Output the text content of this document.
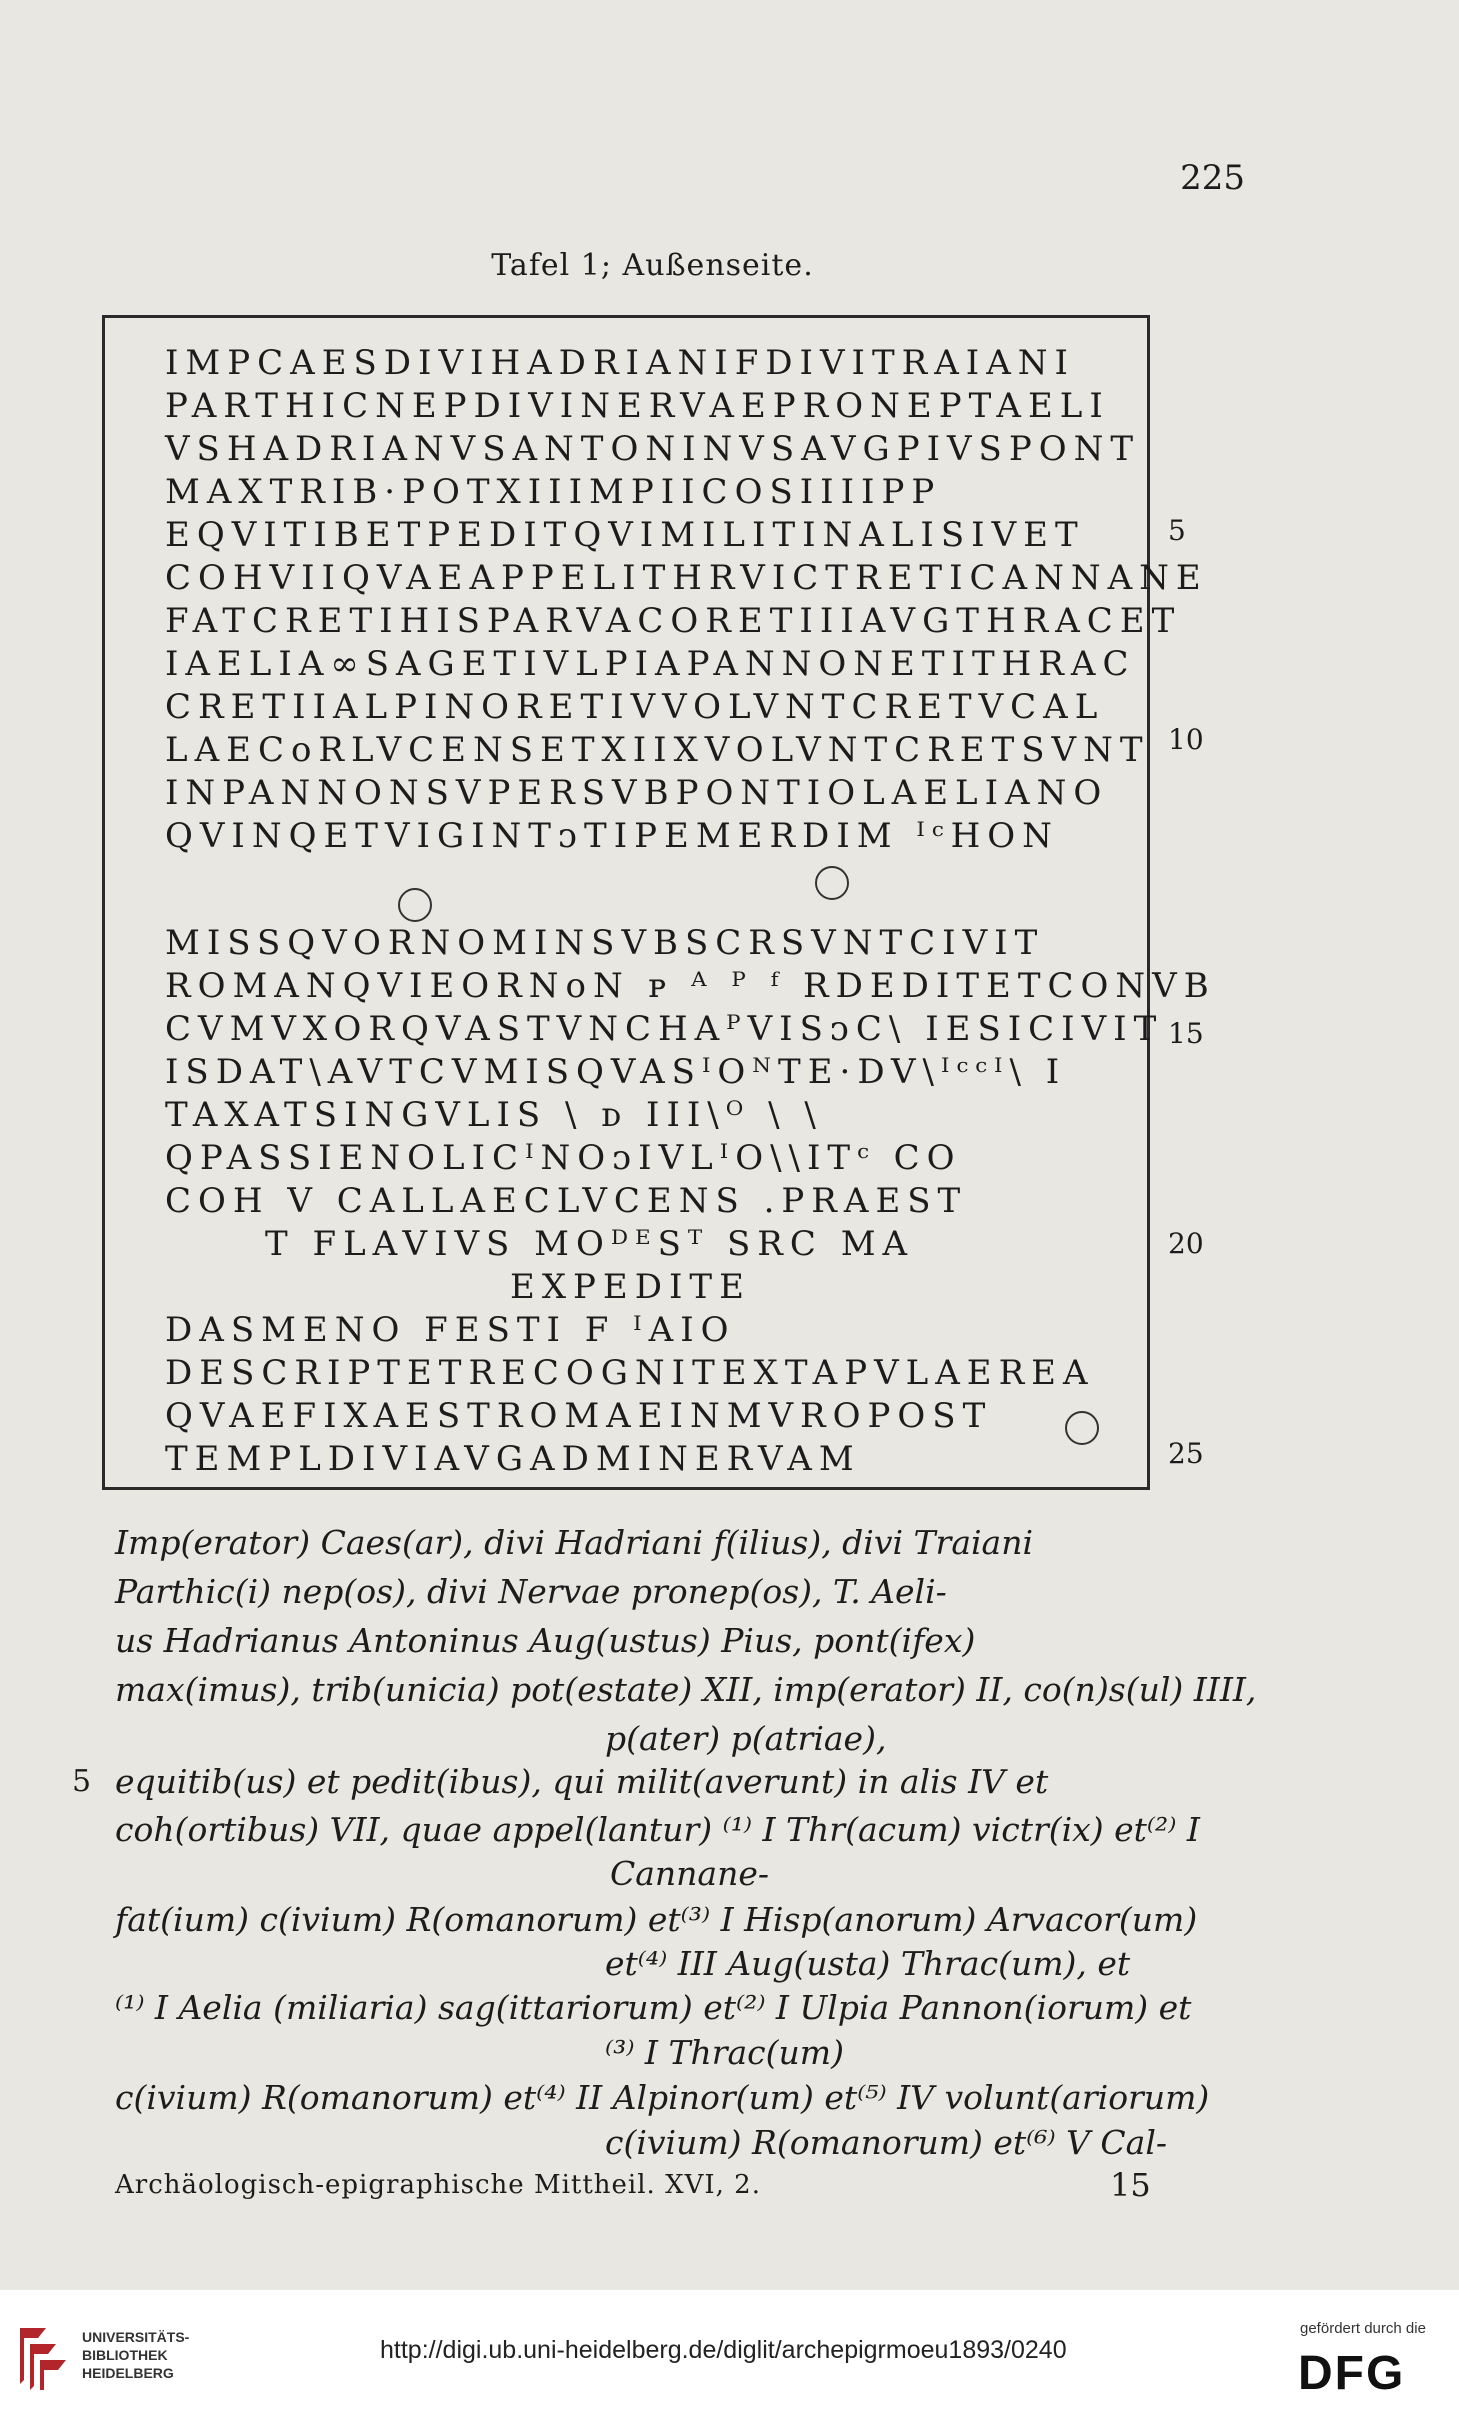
225
Tafel 1; Außenseite.
IMPCAESDIVIHADRIANIFDIVITRAIANI
PARTHICNEPDIVINERVAEPRONEPTAELI
VSHADRIANVSANTONINVSAVGPIVSPONT
MAXTRIB·POTXIIIMPIICOSIIIIPP
EQVITIBETPEDITQVIMILITINALISIVET
COHVIIQVAEAPPELITHRVICTRETICANNANE
FATCRETIHISPARVACORETIIIAVGTHRACET
IAELIA∞SAGETIVLPIAPANNONETITHRAC
CRETIIALPINORETIVVOLVNTCRETVCAL
LAECoRLVCENSETXIIXVOLVNTCRETSVNT
INPANNONSVPERSVBPONTIOLAELIANO
QVINQETVIGINTᴐTIPEMERDIM ᴵᶜHON
MISSQVORNOMINSVBSCRSVNTCIVIT
ROMANQVIEORNoN ᴘ ᴬ ᴾ ᶠ RDEDITETCONVB
CVMVXORQVASTVNCHAᴾVISᴐC\ IESICIVIT
ISDAT\AVTCVMISQVASᴵOᴺTE·DV\ᴵᶜᶜᴵ\ I
TAXATSINGVLIS \ ᴅ III\ᴼ \ \
QPASSIENOLICᴵNOᴐIVLᴵO\\ITᶜ CO
COH V CALLAECLVCENS .PRAEST
T FLAVIVS MOᴰᴱSᵀ SRC MA
EXPEDITE
DASMENO FESTI F ᴵAIO
DESCRIPTETRECOGNITEXTAPVLAEREA
QVAEFIXAESTROMAEINMVROPOST
TEMPLDIVIAVGADMINERVAM
5
10
15
20
25
Imp(erator) Caes(ar), divi Hadriani f(ilius), divi Traiani
Parthic(i) nep(os), divi Nervae pronep(os), T. Aeli-
us Hadrianus Antoninus Aug(ustus) Pius, pont(ifex)
max(imus), trib(unicia) pot(estate) XII, imp(erator) II, co(n)s(ul) IIII,
p(ater) p(atriae),
5 equitib(us) et pedit(ibus), qui milit(averunt) in alis IV et
coh(ortibus) VII, quae appel(lantur) ⁽¹⁾ I Thr(acum) victr(ix) et⁽²⁾ I
Cannane-
fat(ium) c(ivium) R(omanorum) et⁽³⁾ I Hisp(anorum) Arvacor(um)
et⁽⁴⁾ III Aug(usta) Thrac(um), et
⁽¹⁾ I Aelia (miliaria) sag(ittariorum) et⁽²⁾ I Ulpia Pannon(iorum) et
⁽³⁾ I Thrac(um)
c(ivium) R(omanorum) et⁽⁴⁾ II Alpinor(um) et⁽⁵⁾ IV volunt(ariorum)
c(ivium) R(omanorum) et⁽⁶⁾ V Cal-
Archäologisch-epigraphische Mittheil. XVI, 2.	15
UNIVERSITÄTS-
BIBLIOTHEK
HEIDELBERG
http://digi.ub.uni-heidelberg.de/diglit/archepigrmoeu1893/0240
gefördert durch die
DFG
